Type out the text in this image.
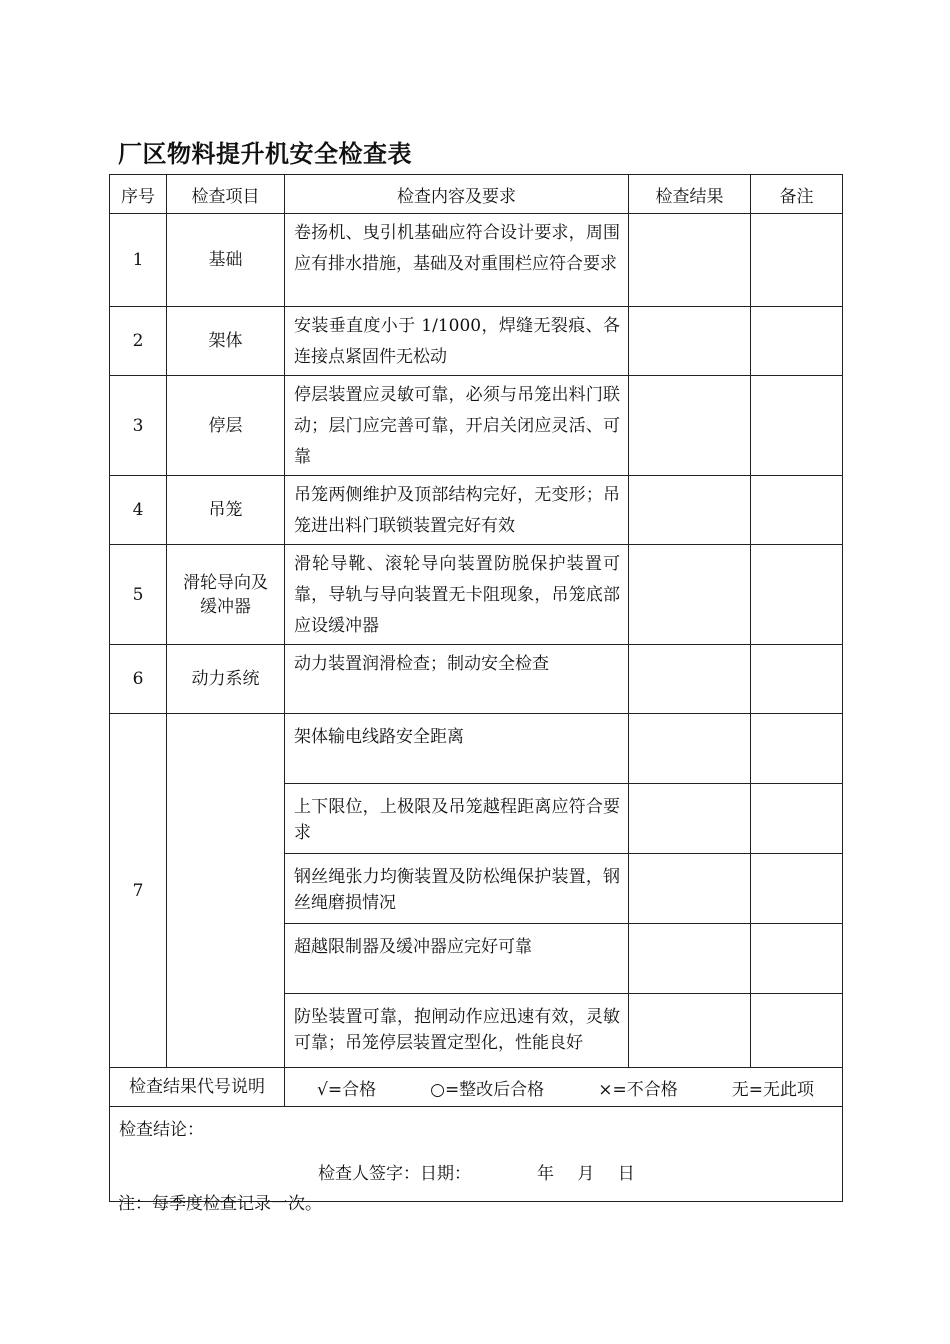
厂区物料提升机安全检查表
序号	检查项目	检查内容及要求	检查结果	备注
1	基础	卷扬机、曳引机基础应符合设计要求，周围应有排水措施，基础及对重围栏应符合要求		
2	架体	安装垂直度小于 1/1000，焊缝无裂痕、各连接点紧固件无松动		
3	停层	停层装置应灵敏可靠，必须与吊笼出料门联动；层门应完善可靠，开启关闭应灵活、可靠		
4	吊笼	吊笼两侧维护及顶部结构完好，无变形；吊笼进出料门联锁装置完好有效		
5	滑轮导向及缓冲器	滑轮导靴、滚轮导向装置防脱保护装置可靠，导轨与导向装置无卡阻现象，吊笼底部应设缓冲器		
6	动力系统	动力装置润滑检查；制动安全检查		
7		架体输电线路安全距离		
		上下限位，上极限及吊笼越程距离应符合要求		
		钢丝绳张力均衡装置及防松绳保护装置，钢丝绳磨损情况		
		超越限制器及缓冲器应完好可靠		
		防坠装置可靠，抱闸动作应迅速有效，灵敏可靠；吊笼停层装置定型化，性能良好		
检查结果代号说明		√=合格 ○=整改后合格 ×=不合格 无=无此项		

检查结论：
检查人签字：日期： 年 月 日				
注：每季度检查记录一次。
